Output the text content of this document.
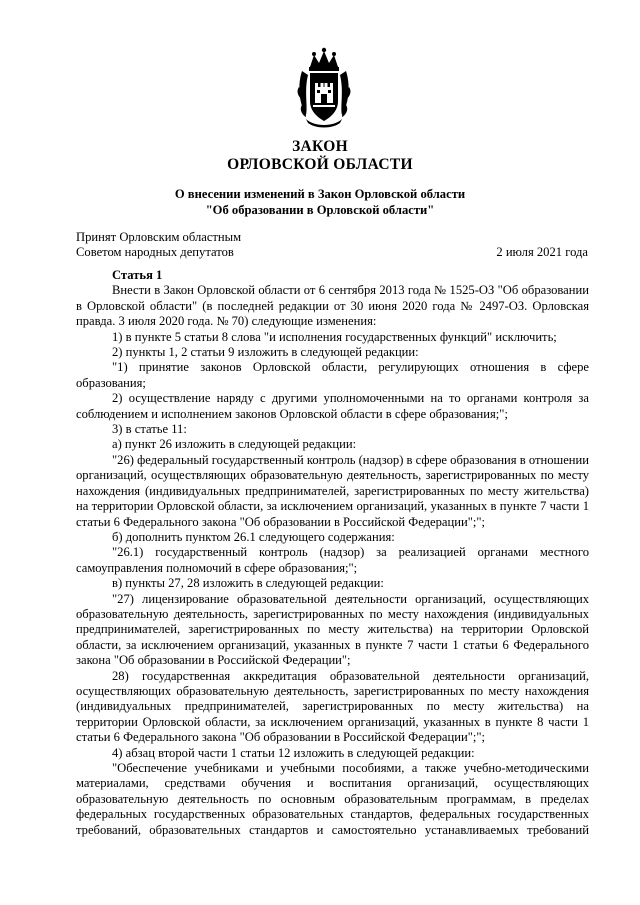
ЗАКОН
ОРЛОВСКОЙ ОБЛАСТИ
О внесении изменений в Закон Орловской области
"Об образовании в Орловской области"
Принят Орловским областным
Советом народных депутатов	2 июля 2021 года

Статья 1

Внести в Закон Орловской области от 6 сентября 2013 года № 1525-ОЗ "Об образовании в Орловской области" (в последней редакции от 30 июня 2020 года № 2497-ОЗ. Орловская правда. 3 июля 2020 года. № 70) следующие изменения:

1) в пункте 5 статьи 8 слова "и исполнения государственных функций" исключить;

2) пункты 1, 2 статьи 9 изложить в следующей редакции:

"1) принятие законов Орловской области, регулирующих отношения в сфере образования;

2) осуществление наряду с другими уполномоченными на то органами контроля за соблюдением и исполнением законов Орловской области в сфере образования;";

3) в статье 11:

а) пункт 26 изложить в следующей редакции:

"26) федеральный государственный контроль (надзор) в сфере образования в отношении организаций, осуществляющих образовательную деятельность, зарегистрированных по месту нахождения (индивидуальных предпринимателей, зарегистрированных по месту жительства) на территории Орловской области, за исключением организаций, указанных в пункте 7 части 1 статьи 6 Федерального закона "Об образовании в Российской Федерации";";

б) дополнить пунктом 26.1 следующего содержания:

"26.1) государственный контроль (надзор) за реализацией органами местного самоуправления полномочий в сфере образования;";

в) пункты 27, 28 изложить в следующей редакции:

"27) лицензирование образовательной деятельности организаций, осуществляющих образовательную деятельность, зарегистрированных по месту нахождения (индивидуальных предпринимателей, зарегистрированных по месту жительства) на территории Орловской области, за исключением организаций, указанных в пункте 7 части 1 статьи 6 Федерального закона "Об образовании в Российской Федерации";

28) государственная аккредитация образовательной деятельности организаций, осуществляющих образовательную деятельность, зарегистрированных по месту нахождения (индивидуальных предпринимателей, зарегистрированных по месту жительства) на территории Орловской области, за исключением организаций, указанных в пункте 8 части 1 статьи 6 Федерального закона "Об образовании в Российской Федерации";";

4) абзац второй части 1 статьи 12 изложить в следующей редакции:

"Обеспечение учебниками и учебными пособиями, а также учебно-методическими материалами, средствами обучения и воспитания организаций, осуществляющих образовательную деятельность по основным образовательным программам, в пределах федеральных государственных образовательных стандартов, федеральных государственных требований, образовательных стандартов и самостоятельно устанавливаемых требований
